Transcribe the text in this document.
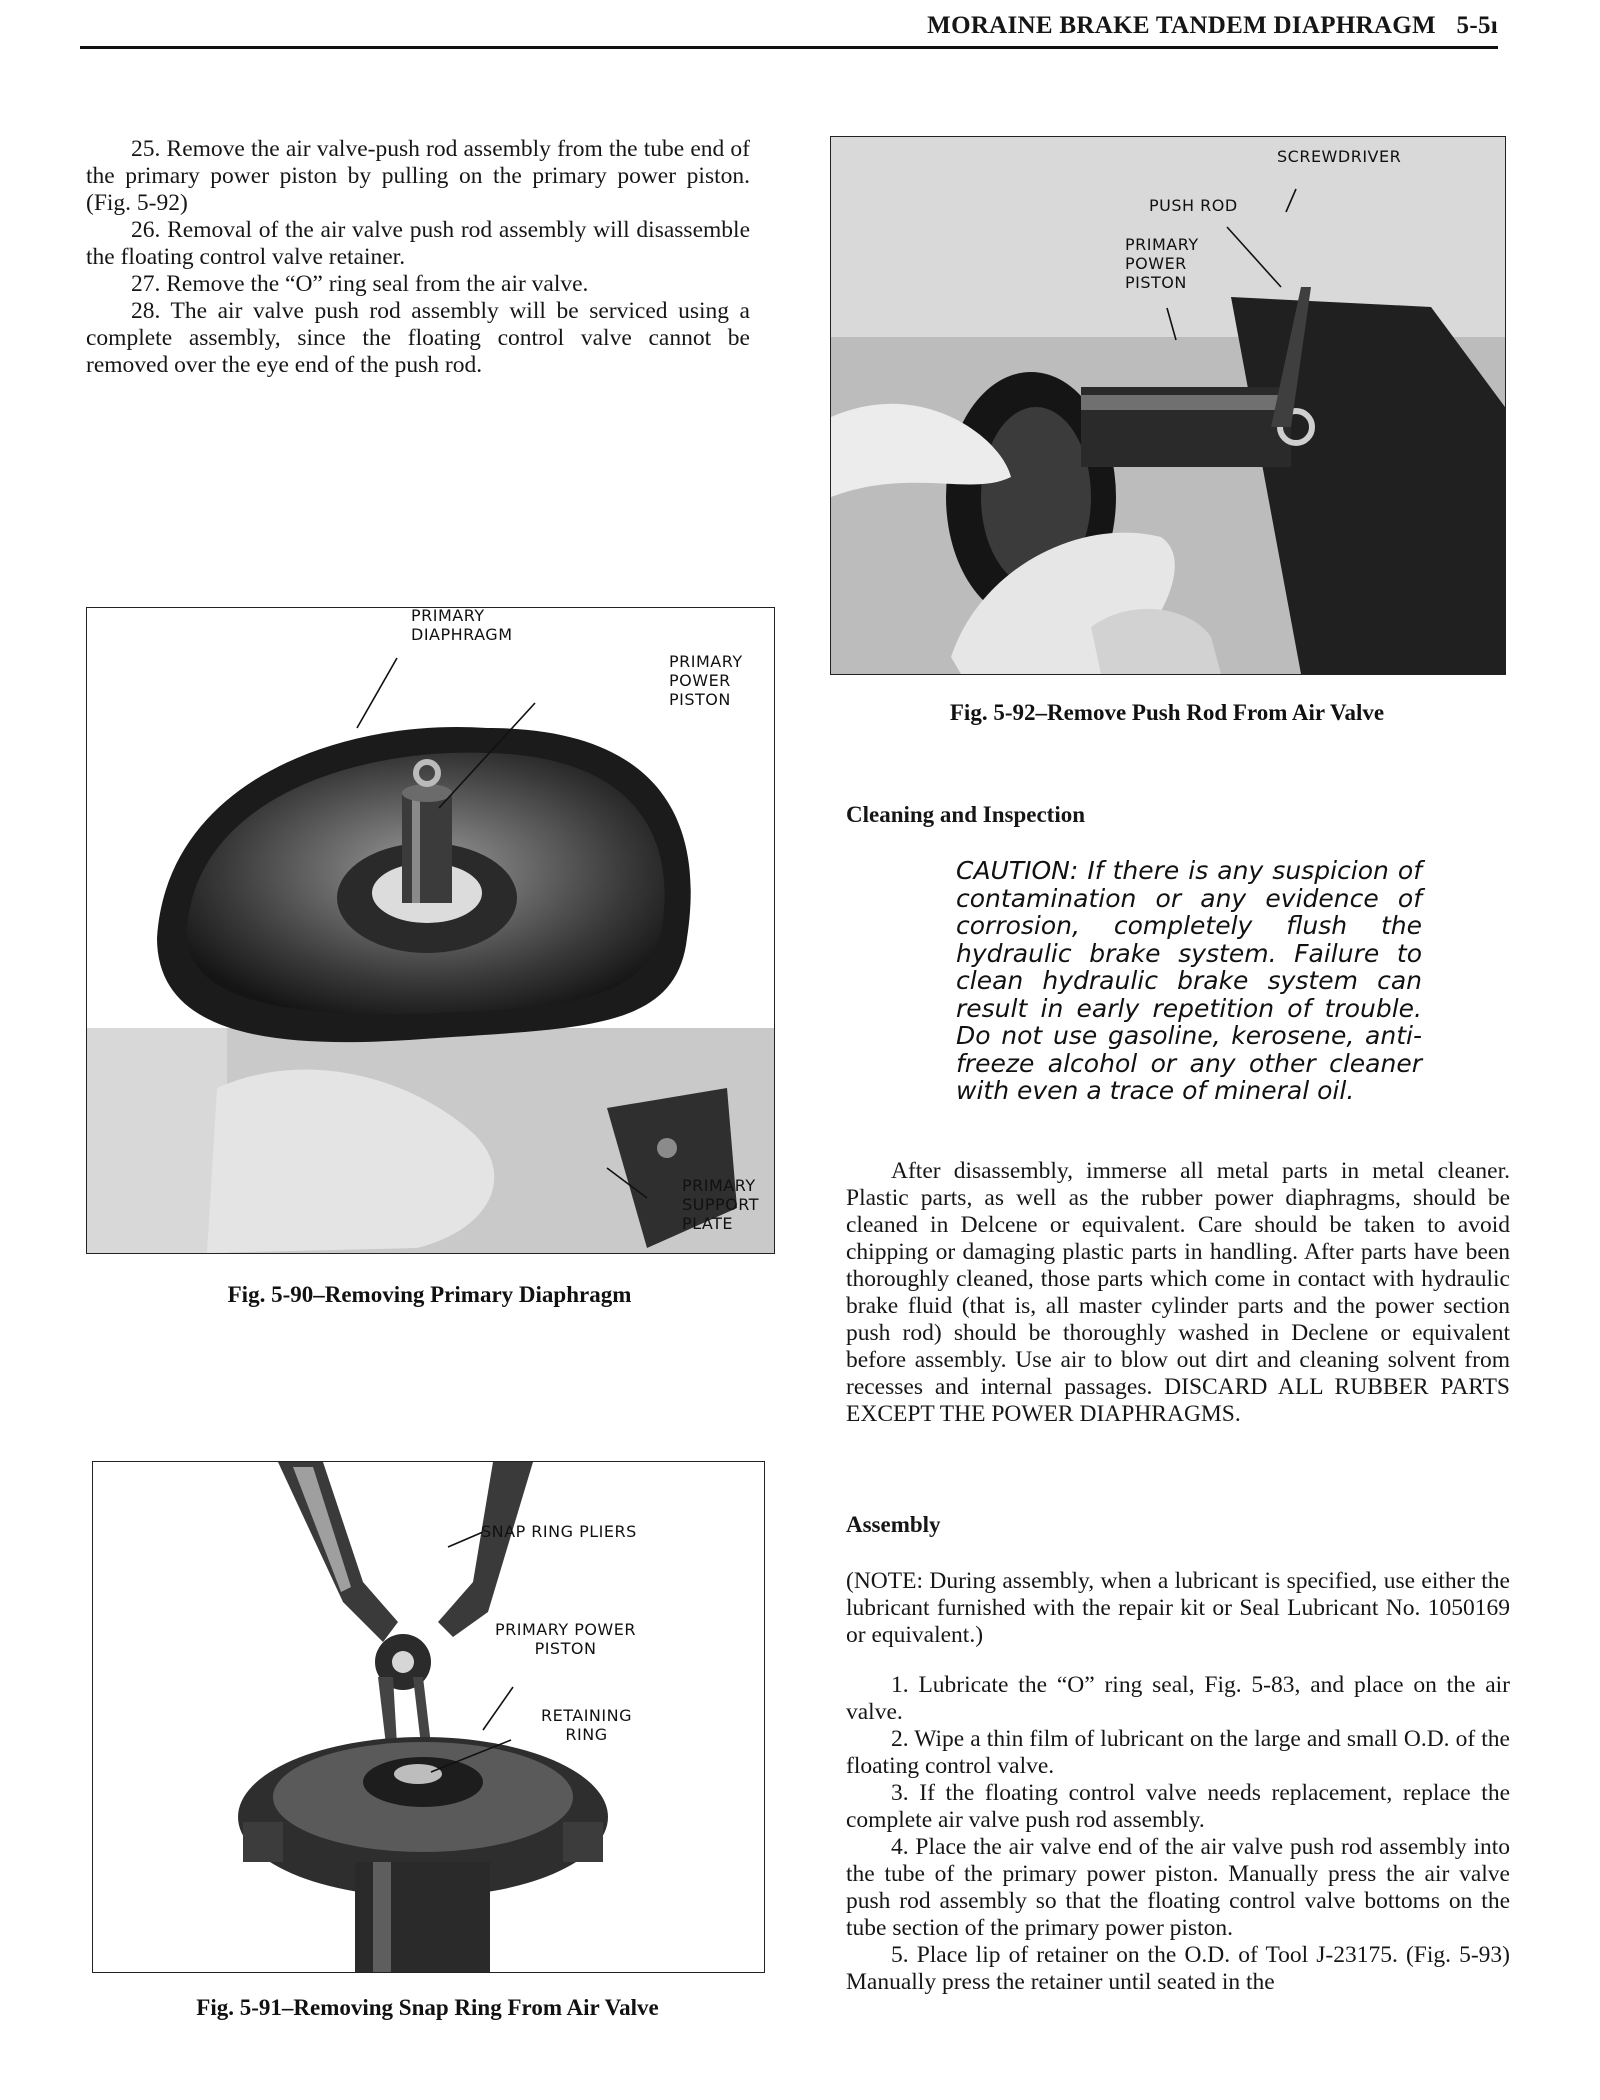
MORAINE BRAKE TANDEM DIAPHRAGM 5-5ı

25. Remove the air valve-push rod assembly from the tube end of the primary power piston by pulling on the primary power piston. (Fig. 5-92)

26. Removal of the air valve push rod assembly will disassemble the floating control valve retainer.

27. Remove the “O” ring seal from the air valve.

28. The air valve push rod assembly will be serviced using a complete assembly, since the floating control valve cannot be removed over the eye end of the push rod.

PRIMARY
DIAPHRAGM
PRIMARY
POWER
PISTON
PRIMARY
SUPPORT
PLATE
Fig. 5-90–Removing Primary Diaphragm
SNAP RING PLIERS
PRIMARY POWER
PISTON
RETAINING
RING
Fig. 5-91–Removing Snap Ring From Air Valve
SCREWDRIVER
PUSH ROD
PRIMARY
POWER
PISTON
Fig. 5-92–Remove Push Rod From Air Valve
Cleaning and Inspection
CAUTION: If there is any suspicion of contamination or any evidence of corrosion, completely flush the hydraulic brake system. Failure to clean hydraulic brake system can result in early repetition of trouble. Do not use gasoline, kerosene, anti-freeze alcohol or any other cleaner with even a trace of mineral oil.

After disassembly, immerse all metal parts in metal cleaner. Plastic parts, as well as the rubber power diaphragms, should be cleaned in Delcene or equivalent. Care should be taken to avoid chipping or damaging plastic parts in handling. After parts have been thoroughly cleaned, those parts which come in contact with hydraulic brake fluid (that is, all master cylinder parts and the power section push rod) should be thoroughly washed in Declene or equivalent before assembly. Use air to blow out dirt and cleaning solvent from recesses and internal passages. DISCARD ALL RUBBER PARTS EXCEPT THE POWER DIAPHRAGMS.

Assembly

(NOTE: During assembly, when a lubricant is specified, use either the lubricant furnished with the repair kit or Seal Lubricant No. 1050169 or equivalent.)

1. Lubricate the “O” ring seal, Fig. 5-83, and place on the air valve.

2. Wipe a thin film of lubricant on the large and small O.D. of the floating control valve.

3. If the floating control valve needs replacement, replace the complete air valve push rod assembly.

4. Place the air valve end of the air valve push rod assembly into the tube of the primary power piston. Manually press the air valve push rod assembly so that the floating control valve bottoms on the tube section of the primary power piston.

5. Place lip of retainer on the O.D. of Tool J-23175. (Fig. 5-93) Manually press the retainer until seated in the
